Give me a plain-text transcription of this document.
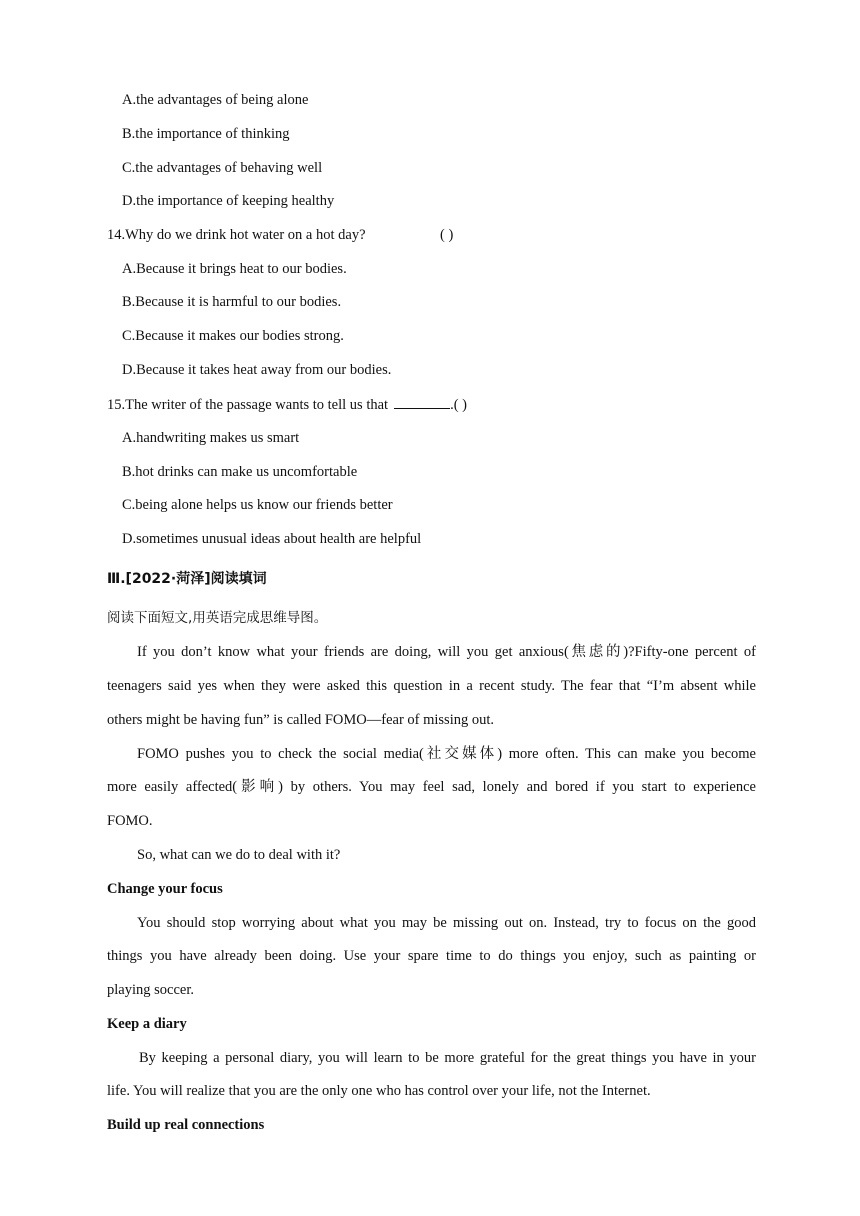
A.the advantages of being alone
B.the importance of thinking
C.the advantages of behaving well
D.the importance of keeping healthy
14.Why do we drink hot water on a hot day?	( )
A.Because it brings heat to our bodies.
B.Because it is harmful to our bodies.
C.Because it makes our bodies strong.
D.Because it takes heat away from our bodies.
15.The writer of the passage wants to tell us that	.( )
A.handwriting makes us smart
B.hot drinks can make us uncomfortable
C.being alone helps us know our friends better
D.sometimes unusual ideas about health are helpful
Ⅲ.[2022·菏泽]阅读填词
阅读下面短文,用英语完成思维导图。
If you don’t know what your friends are doing, will you get anxious(焦虑的)?Fifty-one percent of
teenagers said yes when they were asked this question in a recent study. The fear that “I’m absent while
others might be having fun” is called FOMO—fear of missing out.
FOMO pushes you to check the social media(社交媒体) more often. This can make you become
more easily affected(影响) by others. You may feel sad, lonely and bored if you start to experience
FOMO.
So, what can we do to deal with it?
Change your focus
You should stop worrying about what you may be missing out on. Instead, try to focus on the good
things you have already been doing. Use your spare time to do things you enjoy, such as painting or
playing soccer.
Keep a diary
By keeping a personal diary, you will learn to be more grateful for the great things you have in your
life. You will realize that you are the only one who has control over your life, not the Internet.
Build up real connections
